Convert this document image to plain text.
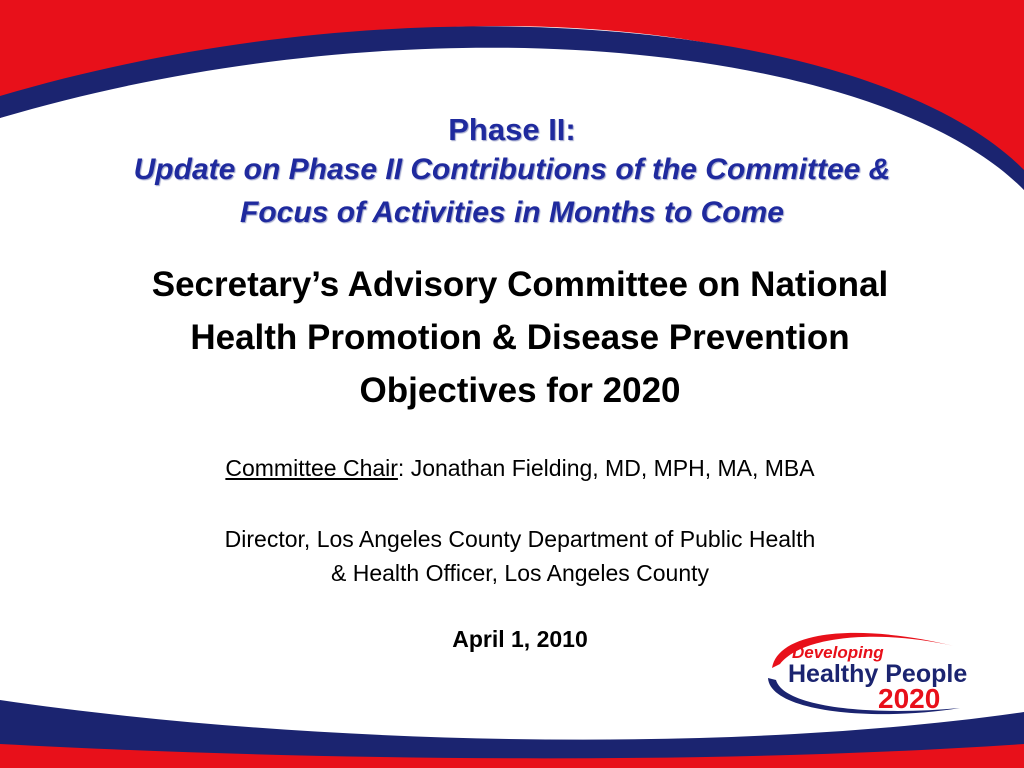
Phase II:
Update on Phase II Contributions of the Committee &
Focus of Activities in Months to Come
Secretary’s Advisory Committee on National
Health Promotion & Disease Prevention
Objectives for 2020
Committee Chair: Jonathan Fielding, MD, MPH, MA, MBA
Director, Los Angeles County Department of Public Health
& Health Officer, Los Angeles County
April 1, 2010
Developing
Healthy People
2020
